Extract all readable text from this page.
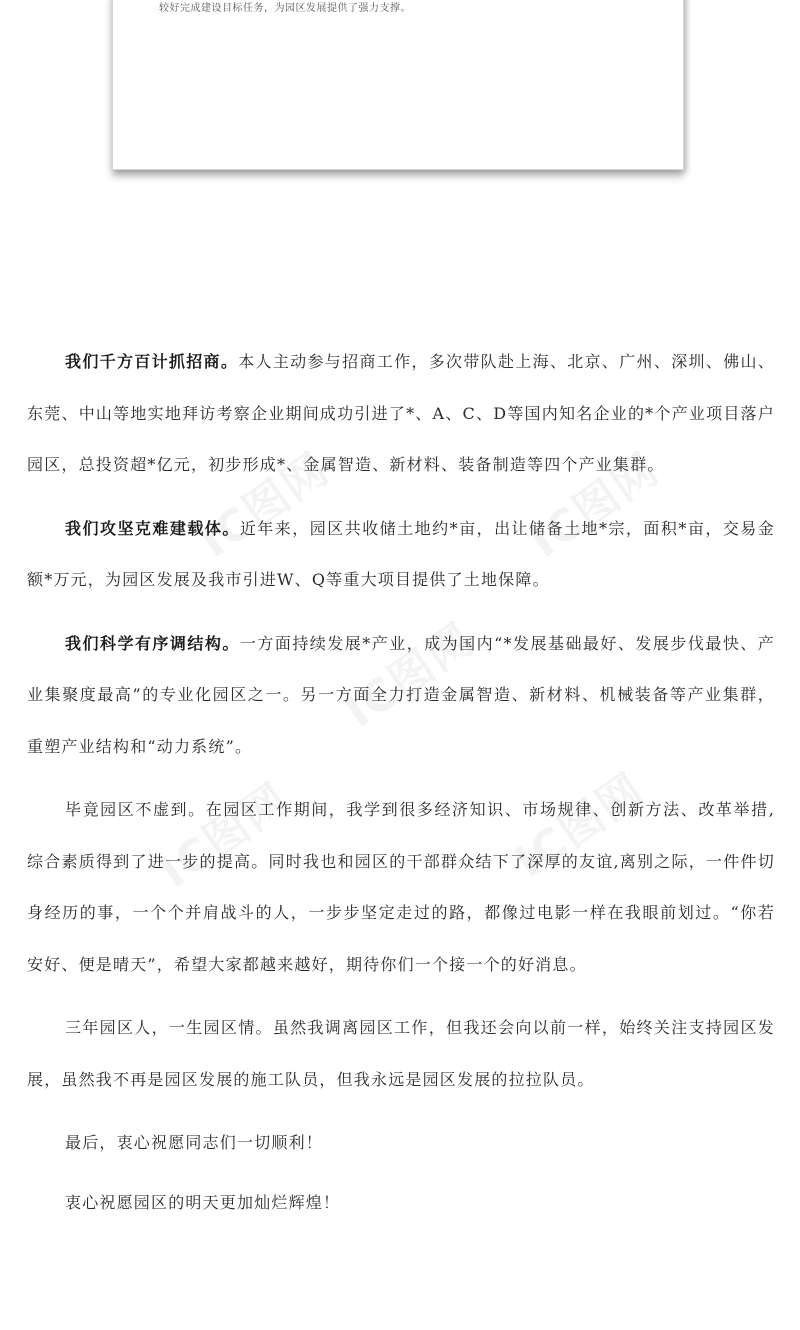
较好完成建设目标任务，为园区发展提供了强力支撑。
IC图网	IC图网
IC图网
IC图网	IC图网

我们千方百计抓招商。本人主动参与招商工作，多次带队赴上海、北京、广州、深圳、佛山、东莞、中山等地实地拜访考察企业期间成功引进了*、A、C、D等国内知名企业的*个产业项目落户园区，总投资超*亿元，初步形成*、金属智造、新材料、装备制造等四个产业集群。

我们攻坚克难建载体。近年来，园区共收储土地约*亩，出让储备土地*宗，面积*亩，交易金额*万元，为园区发展及我市引进W、Q等重大项目提供了土地保障。

我们科学有序调结构。一方面持续发展*产业，成为国内“*发展基础最好、发展步伐最快、产业集聚度最高”的专业化园区之一。另一方面全力打造金属智造、新材料、机械装备等产业集群，重塑产业结构和“动力系统”。

毕竟园区不虚到。在园区工作期间，我学到很多经济知识、市场规律、创新方法、改革举措,综合素质得到了进一步的提高。同时我也和园区的干部群众结下了深厚的友谊,离别之际，一件件切身经历的事，一个个并肩战斗的人，一步步坚定走过的路，都像过电影一样在我眼前划过。“你若安好、便是晴天”，希望大家都越来越好，期待你们一个接一个的好消息。

三年园区人，一生园区情。虽然我调离园区工作，但我还会向以前一样，始终关注支持园区发展，虽然我不再是园区发展的施工队员，但我永远是园区发展的拉拉队员。

最后，衷心祝愿同志们一切顺利！

衷心祝愿园区的明天更加灿烂辉煌！
